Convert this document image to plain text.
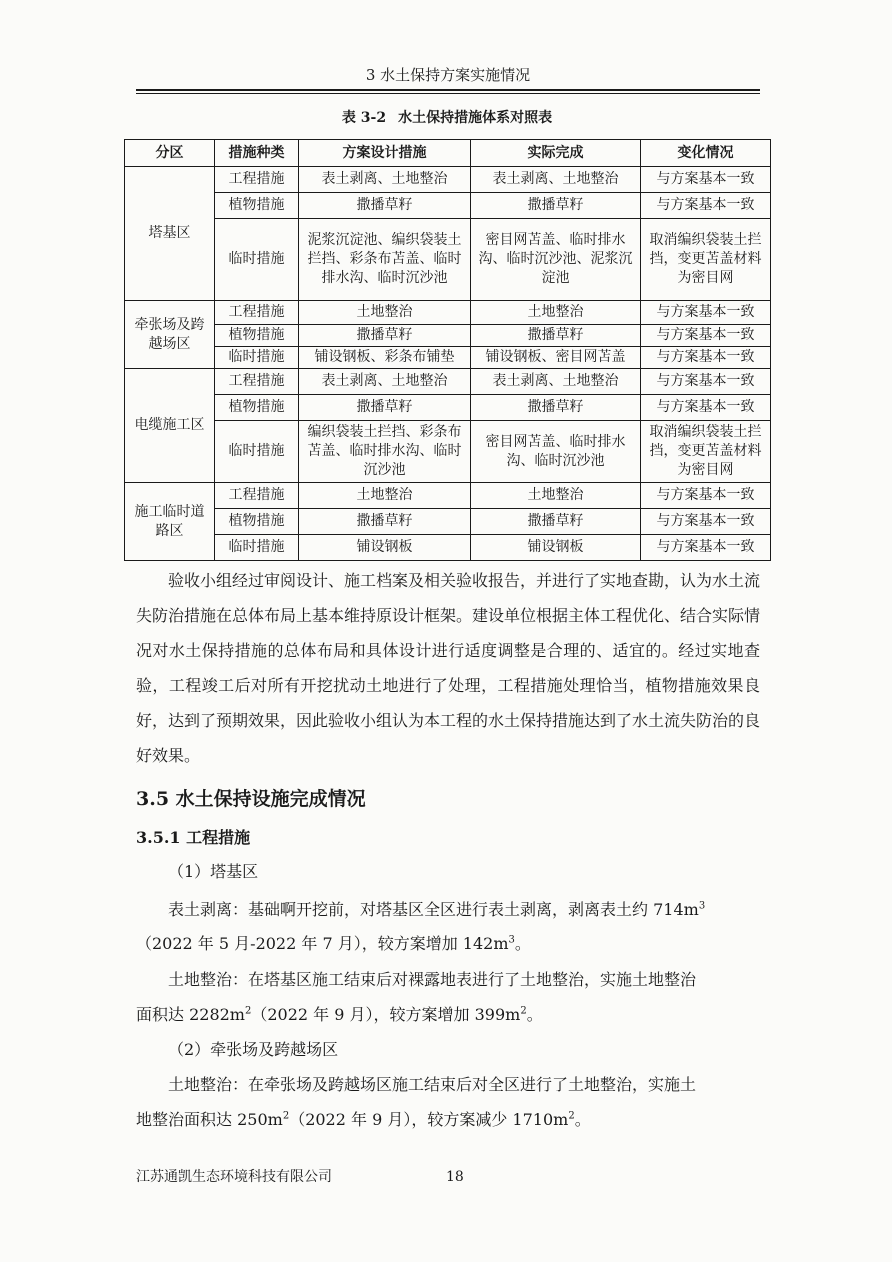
3 水土保持方案实施情况
表 3-2 水土保持措施体系对照表
分区	措施种类	方案设计措施	实际完成	变化情况
塔基区	工程措施	表土剥离、土地整治	表土剥离、土地整治	与方案基本一致
	植物措施	撒播草籽	撒播草籽	与方案基本一致
	临时措施	泥浆沉淀池、编织袋装土拦挡、彩条布苫盖、临时排水沟、临时沉沙池	密目网苫盖、临时排水沟、临时沉沙池、泥浆沉淀池	取消编织袋装土拦挡，变更苫盖材料为密目网
牵张场及跨越场区	工程措施	土地整治	土地整治	与方案基本一致
	植物措施	撒播草籽	撒播草籽	与方案基本一致
	临时措施	铺设钢板、彩条布铺垫	铺设钢板、密目网苫盖	与方案基本一致
电缆施工区	工程措施	表土剥离、土地整治	表土剥离、土地整治	与方案基本一致
	植物措施	撒播草籽	撒播草籽	与方案基本一致
	临时措施	编织袋装土拦挡、彩条布苫盖、临时排水沟、临时沉沙池	密目网苫盖、临时排水沟、临时沉沙池	取消编织袋装土拦挡，变更苫盖材料为密目网
施工临时道路区	工程措施	土地整治	土地整治	与方案基本一致
	植物措施	撒播草籽	撒播草籽	与方案基本一致
	临时措施	铺设钢板	铺设钢板	与方案基本一致
验收小组经过审阅设计、施工档案及相关验收报告，并进行了实地查勘，认为水土流失防治措施在总体布局上基本维持原设计框架。建设单位根据主体工程优化、结合实际情况对水土保持措施的总体布局和具体设计进行适度调整是合理的、适宜的。经过实地查验，工程竣工后对所有开挖扰动土地进行了处理，工程措施处理恰当，植物措施效果良好，达到了预期效果，因此验收小组认为本工程的水土保持措施达到了水土流失防治的良好效果。
3.5 水土保持设施完成情况
3.5.1 工程措施
（1）塔基区
表土剥离：基础啊开挖前，对塔基区全区进行表土剥离，剥离表土约 $714m^3$
（2022 年 5 月-2022 年 7 月），较方案增加 $142m^3$。
土地整治：在塔基区施工结束后对裸露地表进行了土地整治，实施土地整治
面积达 $2282m^2(2022$ 年 9 月），较方案增加 $399m^2$。
（2）牵张场及跨越场区
土地整治：在牵张场及跨越场区施工结束后对全区进行了土地整治，实施土
地整治面积达 $250m^2(2022$ 年 9 月），较方案减少 $1710m^2$。
江苏通凯生态环境科技有限公司	18
